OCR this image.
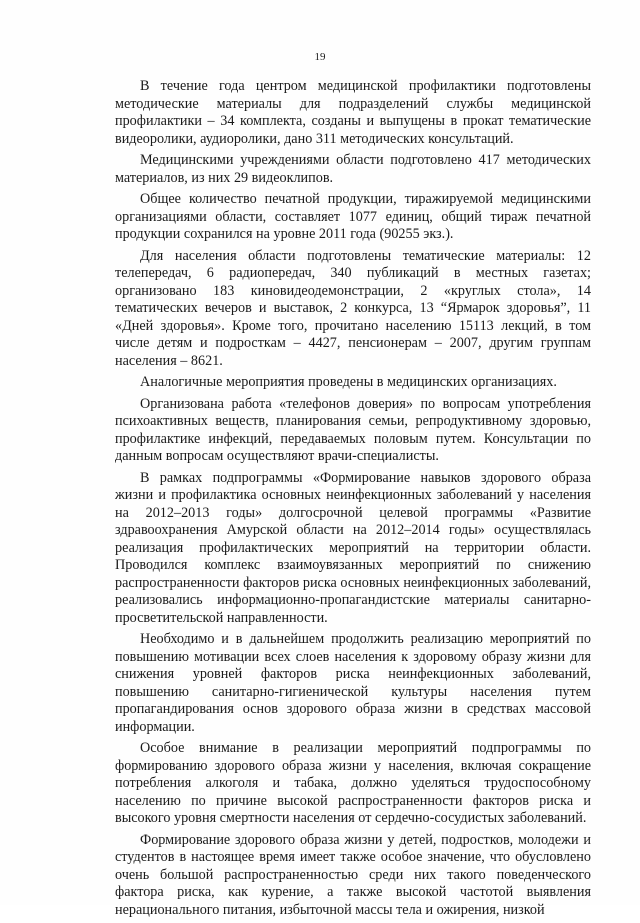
19

В течение года центром медицинской профилактики подготовлены методические материалы для подразделений службы медицинской профилактики – 34 комплекта, созданы и выпущены в прокат тематические видеоролики, аудиоролики, дано 311 методических консультаций.

Медицинскими учреждениями области подготовлено 417 методических материалов, из них 29 видеоклипов.

Общее количество печатной продукции, тиражируемой медицинскими организациями области, составляет 1077 единиц, общий тираж печатной продукции сохранился на уровне 2011 года (90255 экз.).

Для населения области подготовлены тематические материалы: 12 телепередач, 6 радиопередач, 340 публикаций в местных газетах; организовано 183 киновидеодемонстрации, 2 «круглых стола», 14 тематических вечеров и выставок, 2 конкурса, 13 “Ярмарок здоровья”, 11 «Дней здоровья». Кроме того, прочитано населению 15113 лекций, в том числе детям и подросткам – 4427, пенсионерам – 2007, другим группам населения – 8621.

Аналогичные мероприятия проведены в медицинских организациях.

Организована работа «телефонов доверия» по вопросам употребления психоактивных веществ, планирования семьи, репродуктивному здоровью, профилактике инфекций, передаваемых половым путем. Консультации по данным вопросам осуществляют врачи-специалисты.

В рамках подпрограммы «Формирование навыков здорового образа жизни и профилактика основных неинфекционных заболеваний у населения на 2012–2013 годы» долгосрочной целевой программы «Развитие здравоохранения Амурской области на 2012–2014 годы» осуществлялась реализация профилактических мероприятий на территории области. Проводился комплекс взаимоувязанных мероприятий по снижению распространенности факторов риска основных неинфекционных заболеваний, реализовались информационно-пропагандистские материалы санитарно-просветительской направленности.

Необходимо и в дальнейшем продолжить реализацию мероприятий по повышению мотивации всех слоев населения к здоровому образу жизни для снижения уровней факторов риска неинфекционных заболеваний, повышению санитарно-гигиенической культуры населения путем пропагандирования основ здорового образа жизни в средствах массовой информации.

Особое внимание в реализации мероприятий подпрограммы по формированию здорового образа жизни у населения, включая сокращение потребления алкоголя и табака, должно уделяться трудоспособному населению по причине высокой распространенности факторов риска и высокого уровня смертности населения от сердечно-сосудистых заболеваний.

Формирование здорового образа жизни у детей, подростков, молодежи и студентов в настоящее время имеет также особое значение, что обусловлено очень большой распространенностью среди них такого поведенческого фактора риска, как курение, а также высокой частотой выявления нерационального питания, избыточной массы тела и ожирения, низкой
